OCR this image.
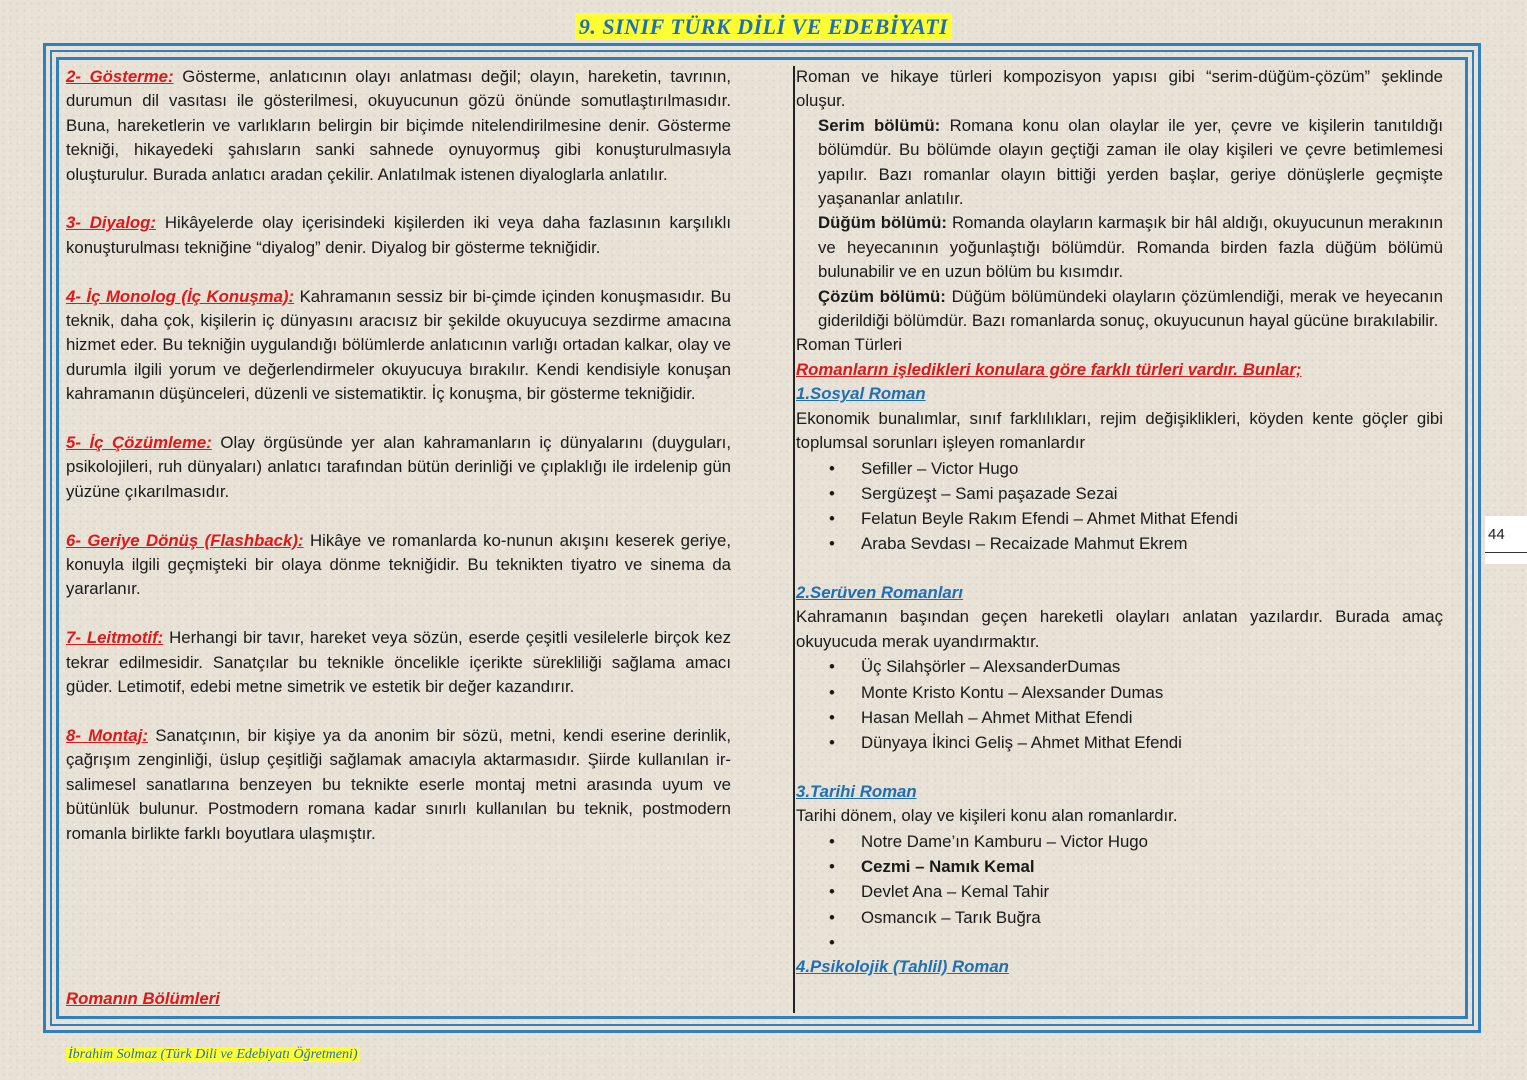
9. SINIF TÜRK DİLİ VE EDEBİYATI

2- Gösterme: Gösterme, anlatıcının olayı anlatması değil; olayın, hareketin, tavrının, durumun dil vasıtası ile gösterilmesi, okuyucunun gözü önünde somutlaştırılmasıdır. Buna, hareketlerin ve varlıkların belirgin bir biçimde nitelendirilmesine denir. Gösterme tekniği, hikayedeki şahısların sanki sahnede oynuyormuş gibi konuşturulmasıyla oluşturulur. Burada anlatıcı aradan çekilir. Anlatılmak istenen diyaloglarla anlatılır.

3- Diyalog: Hikâyelerde olay içerisindeki kişilerden iki veya daha fazlasının karşılıklı konuşturulması tekniğine “diyalog” denir. Diyalog bir gösterme tekniğidir.

4- İç Monolog (İç Konuşma): Kahramanın sessiz bir bi-çimde içinden konuşmasıdır. Bu teknik, daha çok, kişilerin iç dünyasını aracısız bir şekilde okuyucuya sezdirme amacına hizmet eder. Bu tekniğin uygulandığı bölümlerde anlatıcının varlığı ortadan kalkar, olay ve durumla ilgili yorum ve değerlendirmeler okuyucuya bırakılır. Kendi kendisiyle konuşan kahramanın düşünceleri, düzenli ve sistematiktir. İç konuşma, bir gösterme tekniğidir.

5- İç Çözümleme: Olay örgüsünde yer alan kahramanların iç dünyalarını (duyguları, psikolojileri, ruh dünyaları) anlatıcı tarafından bütün derinliği ve çıplaklığı ile irdelenip gün yüzüne çıkarılmasıdır.

6- Geriye Dönüş (Flashback): Hikâye ve romanlarda ko-nunun akışını keserek geriye, konuyla ilgili geçmişteki bir olaya dönme tekniğidir. Bu teknikten tiyatro ve sinema da yararlanır.

7- Leitmotif: Herhangi bir tavır, hareket veya sözün, eserde çeşitli vesilelerle birçok kez tekrar edilmesidir. Sanatçılar bu teknikle öncelikle içerikte sürekliliği sağlama amacı güder. Letimotif, edebi metne simetrik ve estetik bir değer kazandırır.

8- Montaj: Sanatçının, bir kişiye ya da anonim bir sözü, metni, kendi eserine derinlik, çağrışım zenginliği, üslup çeşitliği sağlamak amacıyla aktarmasıdır. Şiirde kullanılan ir-salimesel sanatlarına benzeyen bu teknikte eserle montaj metni arasında uyum ve bütünlük bulunur. Postmodern romana kadar sınırlı kullanılan bu teknik, postmodern romanla birlikte farklı boyutlara ulaşmıştır.

Romanın Bölümleri

Roman ve hikaye türleri kompozisyon yapısı gibi “serim-düğüm-çözüm” şeklinde oluşur.

Serim bölümü: Romana konu olan olaylar ile yer, çevre ve kişilerin tanıtıldığı bölümdür. Bu bölümde olayın geçtiği zaman ile olay kişileri ve çevre betimlemesi yapılır. Bazı romanlar olayın bittiği yerden başlar, geriye dönüşlerle geçmişte yaşananlar anlatılır.

Düğüm bölümü: Romanda olayların karmaşık bir hâl aldığı, okuyucunun merakının ve heyecanının yoğunlaştığı bölümdür. Romanda birden fazla düğüm bölümü bulunabilir ve en uzun bölüm bu kısımdır.

Çözüm bölümü: Düğüm bölümündeki olayların çözümlendiği, merak ve heyecanın giderildiği bölümdür. Bazı romanlarda sonuç, okuyucunun hayal gücüne bırakılabilir.

Roman Türleri

Romanların işledikleri konulara göre farklı türleri vardır. Bunlar;

1.Sosyal Roman

Ekonomik bunalımlar, sınıf farklılıkları, rejim değişiklikleri, köyden kente göçler gibi toplumsal sorunları işleyen romanlardır

• Sefiller – Victor Hugo
• Sergüzeşt – Sami paşazade Sezai
• Felatun Beyle Rakım Efendi – Ahmet Mithat Efendi
• Araba Sevdası – Recaizade Mahmut Ekrem

2.Serüven Romanları

Kahramanın başından geçen hareketli olayları anlatan yazılardır. Burada amaç okuyucuda merak uyandırmaktır.

• Üç Silahşörler – AlexsanderDumas
• Monte Kristo Kontu – Alexsander Dumas
• Hasan Mellah – Ahmet Mithat Efendi
• Dünyaya İkinci Geliş – Ahmet Mithat Efendi

3.Tarihi Roman

Tarihi dönem, olay ve kişileri konu alan romanlardır.

• Notre Dame’ın Kamburu – Victor Hugo
• Cezmi – Namık Kemal
• Devlet Ana – Kemal Tahir
• Osmancık – Tarık Buğra
•

4.Psikolojik (Tahlil) Roman

44
İbrahim Solmaz (Türk Dili ve Edebiyatı Öğretmeni)
